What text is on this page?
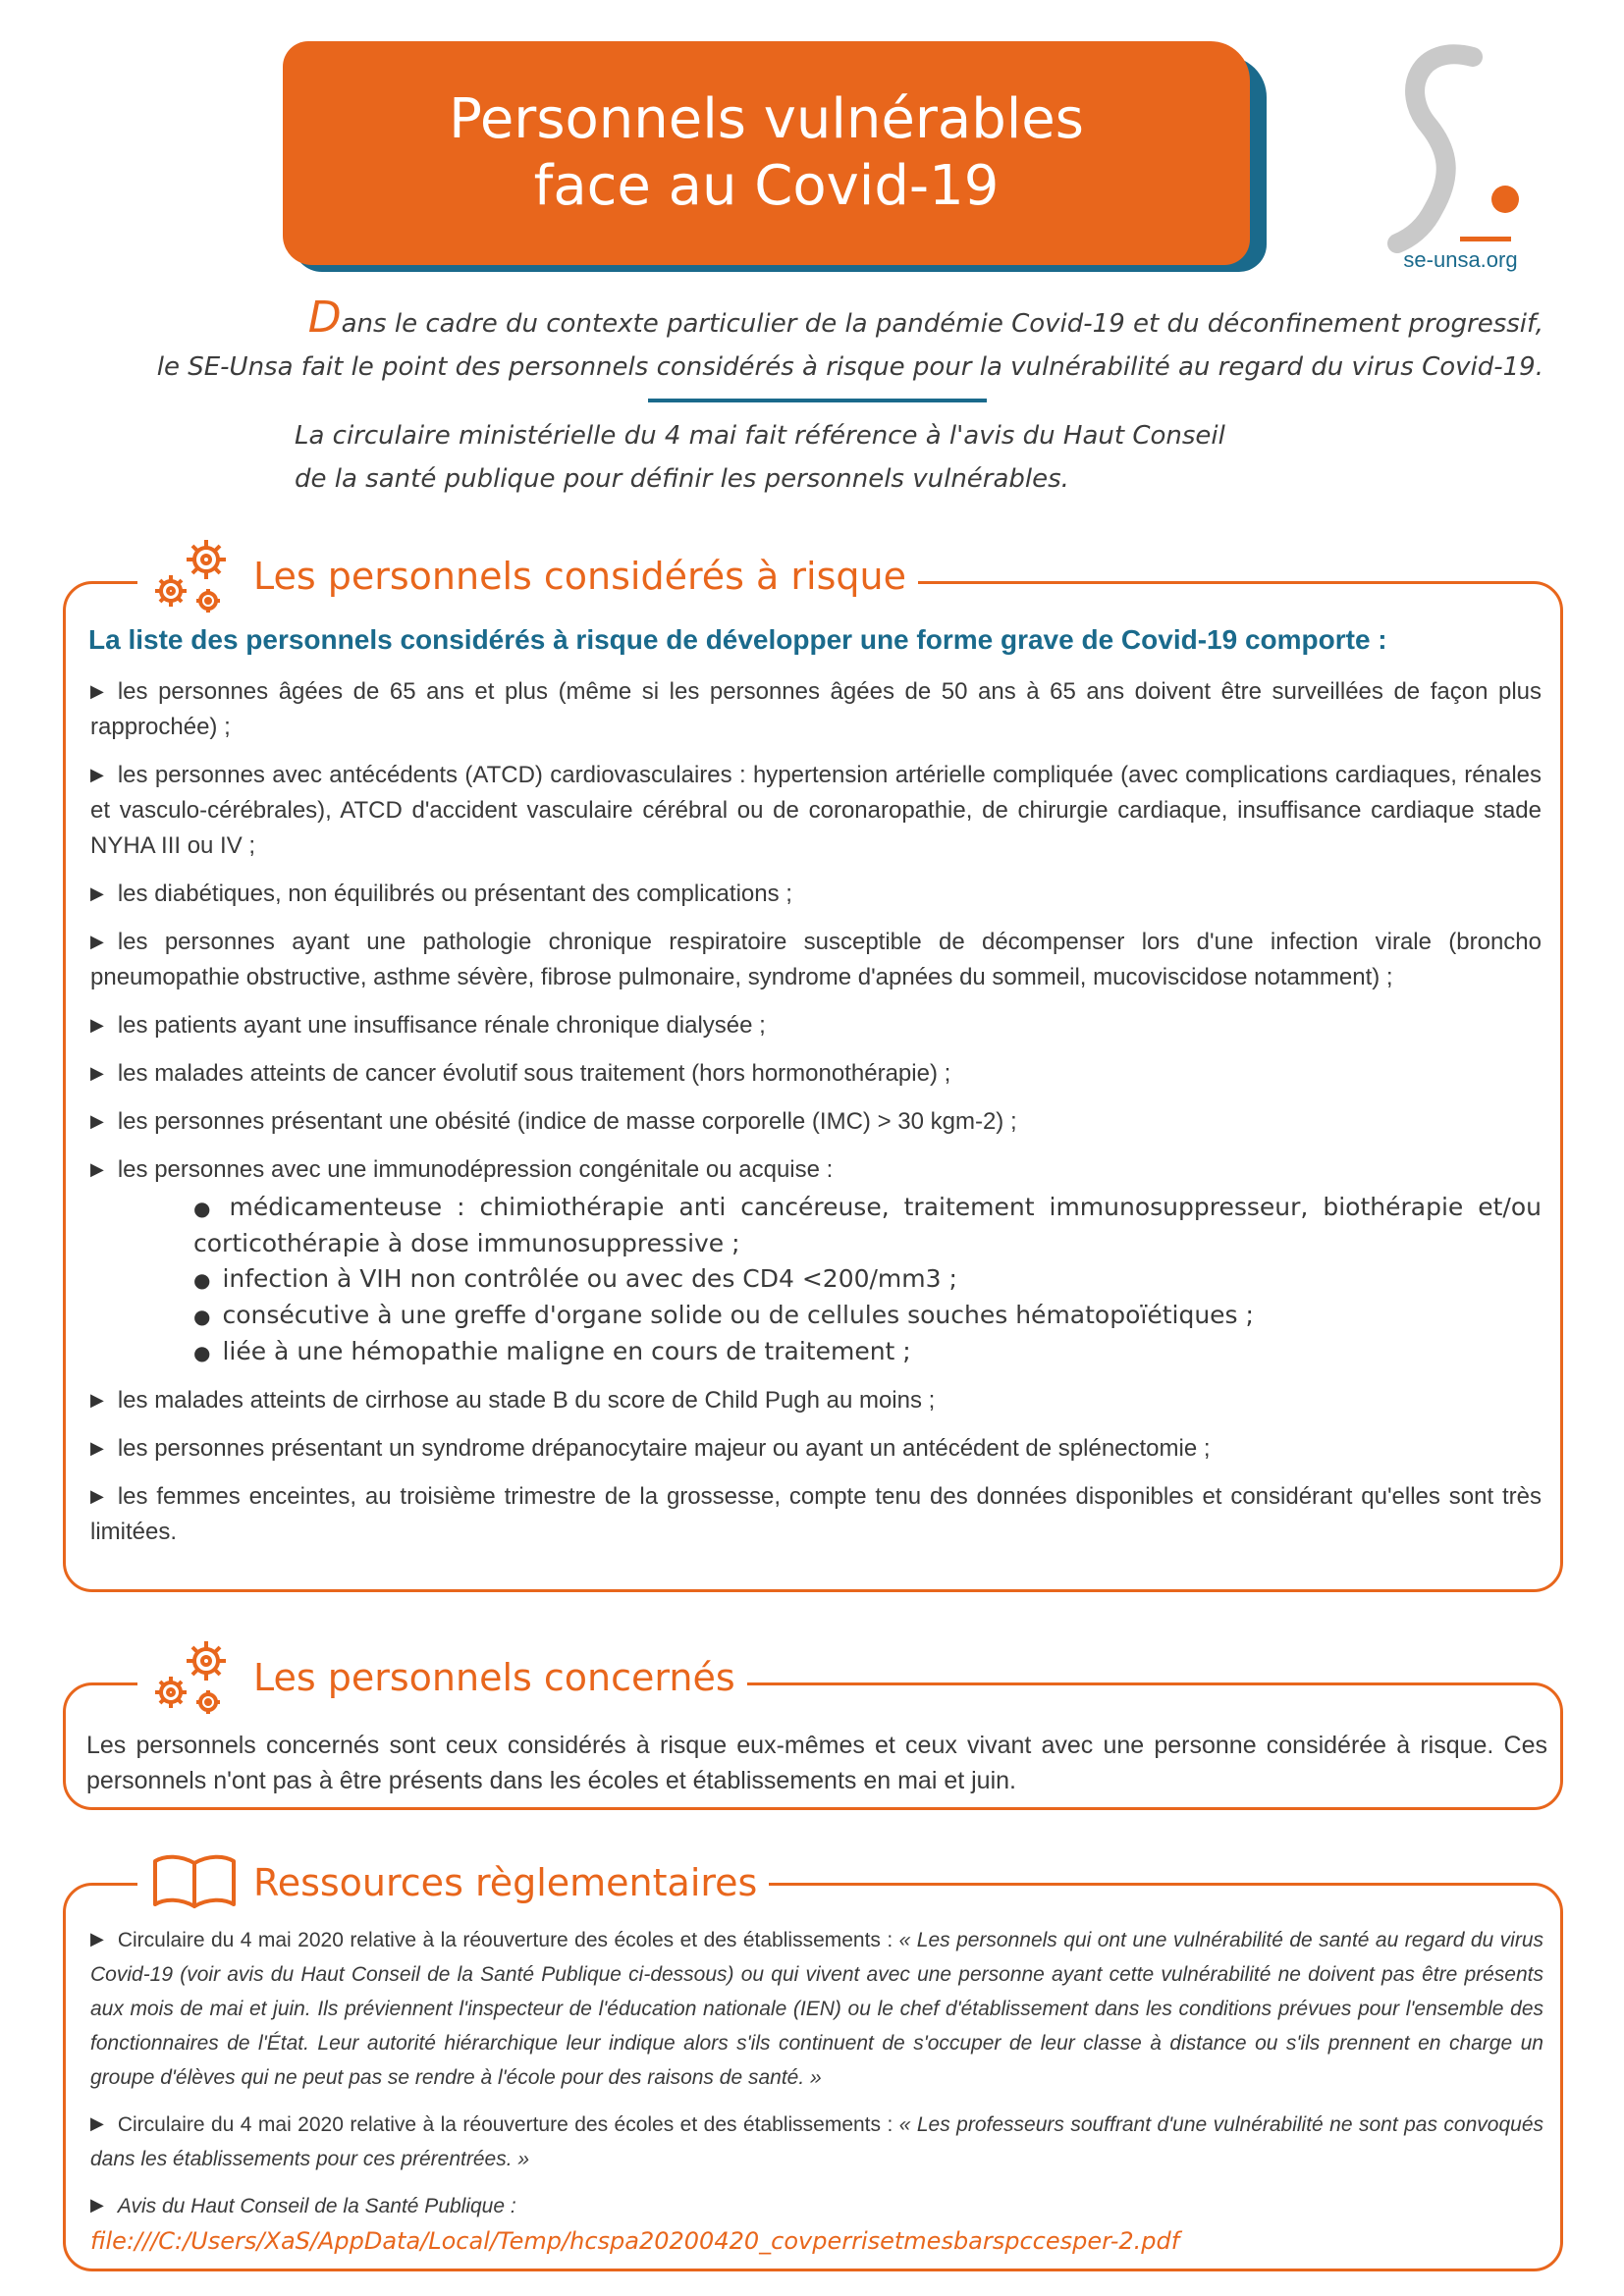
Personnels vulnérables
face au Covid-19
se-unsa.org
Dans le cadre du contexte particulier de la pandémie Covid-19 et du déconfinement progressif,
le SE-Unsa fait le point des personnels considérés à risque pour la vulnérabilité au regard du virus Covid-19.
La circulaire ministérielle du 4 mai fait référence à l'avis du Haut Conseil
de la santé publique pour définir les personnels vulnérables.
Les personnels considérés à risque
La liste des personnels considérés à risque de développer une forme grave de Covid-19 comporte :
▶ les personnes âgées de 65 ans et plus (même si les personnes âgées de 50 ans à 65 ans doivent être surveillées de façon plus rapprochée) ;
▶ les personnes avec antécédents (ATCD) cardiovasculaires : hypertension artérielle compliquée (avec complications cardiaques, rénales et vasculo-cérébrales), ATCD d'accident vasculaire cérébral ou de coronaropathie, de chirurgie cardiaque, insuffisance cardiaque stade NYHA III ou IV ;
▶ les diabétiques, non équilibrés ou présentant des complications ;
▶ les personnes ayant une pathologie chronique respiratoire susceptible de décompenser lors d'une infection virale (broncho pneumopathie obstructive, asthme sévère, fibrose pulmonaire, syndrome d'apnées du sommeil, mucoviscidose notamment) ;
▶ les patients ayant une insuffisance rénale chronique dialysée ;
▶ les malades atteints de cancer évolutif sous traitement (hors hormonothérapie) ;
▶ les personnes présentant une obésité (indice de masse corporelle (IMC) > 30 kgm-2) ;
▶ les personnes avec une immunodépression congénitale ou acquise :
● médicamenteuse : chimiothérapie anti cancéreuse, traitement immunosuppresseur, biothérapie et/ou corticothérapie à dose immunosuppressive ;
● infection à VIH non contrôlée ou avec des CD4 <200/mm3 ;
● consécutive à une greffe d'organe solide ou de cellules souches hématopoïétiques ;
● liée à une hémopathie maligne en cours de traitement ;
▶ les malades atteints de cirrhose au stade B du score de Child Pugh au moins ;
▶ les personnes présentant un syndrome drépanocytaire majeur ou ayant un antécédent de splénectomie ;
▶ les femmes enceintes, au troisième trimestre de la grossesse, compte tenu des données disponibles et considérant qu'elles sont très limitées.
Les personnels concernés
Les personnels concernés sont ceux considérés à risque eux-mêmes et ceux vivant avec une personne considérée à risque. Ces personnels n'ont pas à être présents dans les écoles et établissements en mai et juin.
Ressources règlementaires
▶ Circulaire du 4 mai 2020 relative à la réouverture des écoles et des établissements : « Les personnels qui ont une vulnérabilité de santé au regard du virus Covid-19 (voir avis du Haut Conseil de la Santé Publique ci-dessous) ou qui vivent avec une personne ayant cette vulnérabilité ne doivent pas être présents aux mois de mai et juin. Ils préviennent l'inspecteur de l'éducation nationale (IEN) ou le chef d'établissement dans les conditions prévues pour l'ensemble des fonctionnaires de l'État. Leur autorité hiérarchique leur indique alors s'ils continuent de s'occuper de leur classe à distance ou s'ils prennent en charge un groupe d'élèves qui ne peut pas se rendre à l'école pour des raisons de santé. »
▶ Circulaire du 4 mai 2020 relative à la réouverture des écoles et des établissements : « Les professeurs souffrant d'une vulnérabilité ne sont pas convoqués dans les établissements pour ces prérentrées. »
▶ Avis du Haut Conseil de la Santé Publique :
file:///C:/Users/XaS/AppData/Local/Temp/hcspa20200420_covperrisetmesbarspccesper-2.pdf
